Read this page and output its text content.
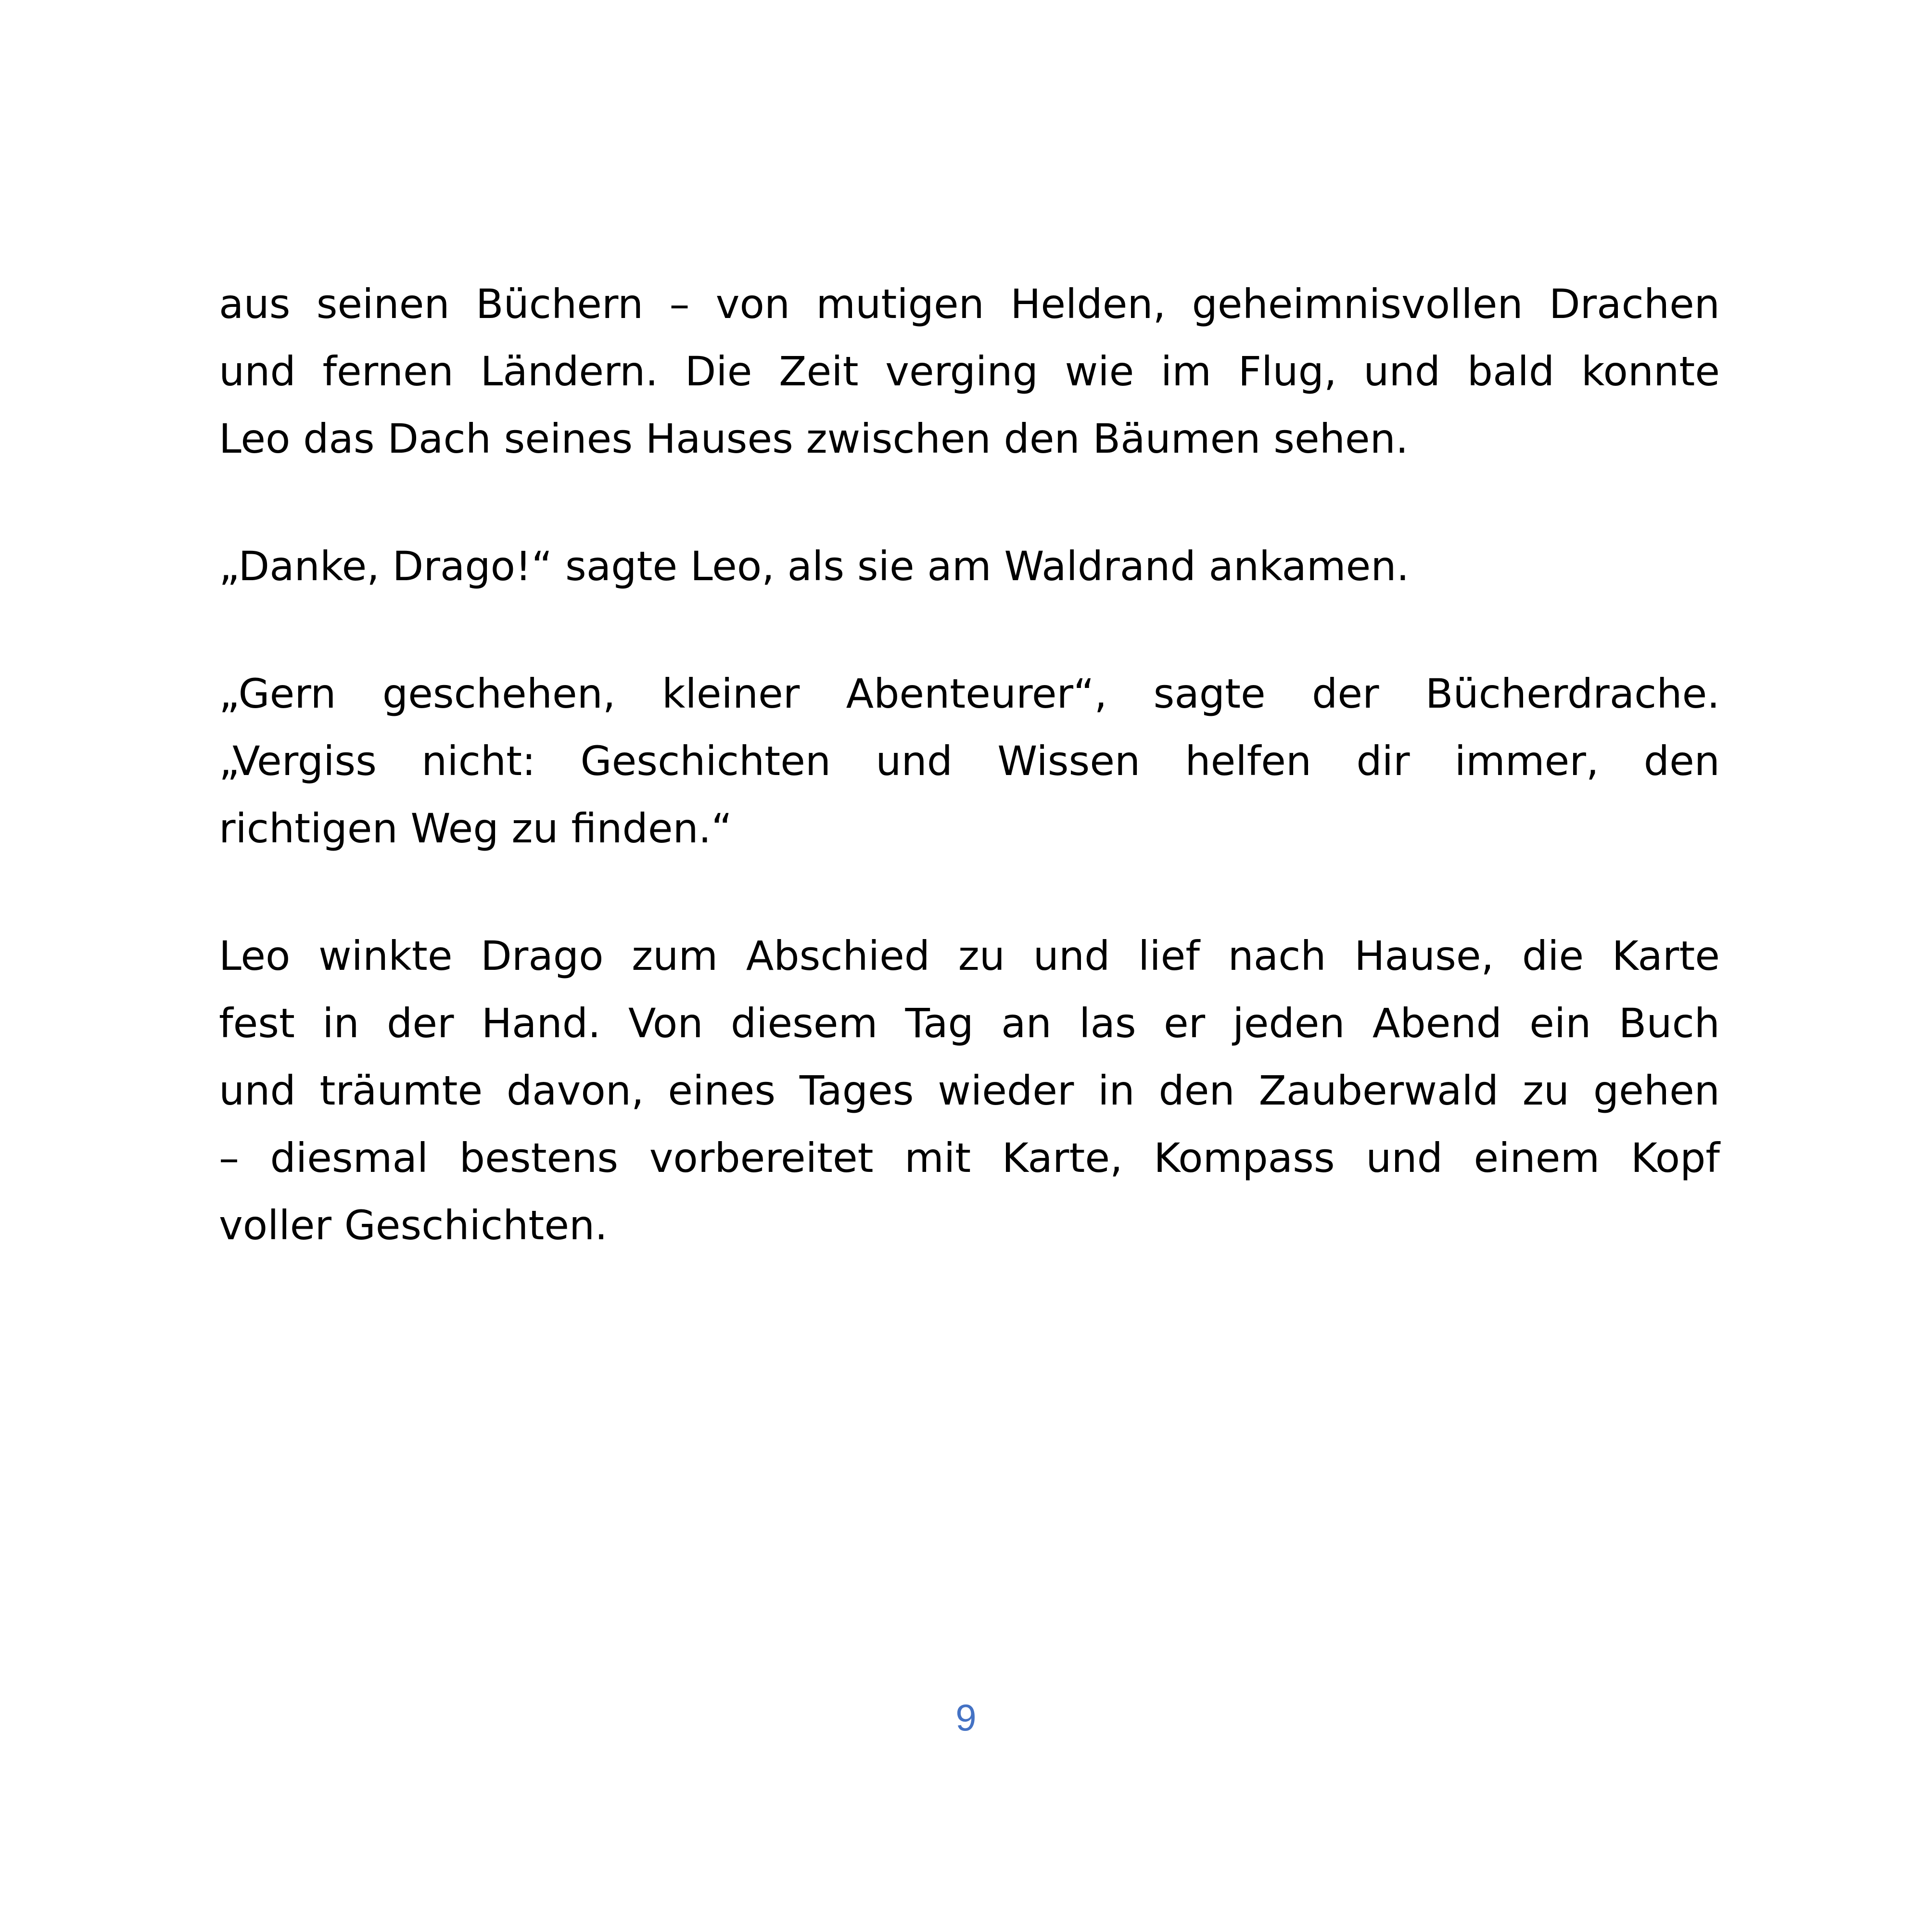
aus seinen Büchern – von mutigen Helden, geheimnisvollen Drachen
und fernen Ländern. Die Zeit verging wie im Flug, und bald konnte
Leo das Dach seines Hauses zwischen den Bäumen sehen.

„Danke, Drago!“ sagte Leo, als sie am Waldrand ankamen.

„Gern geschehen, kleiner Abenteurer“, sagte der Bücherdrache.
„Vergiss nicht: Geschichten und Wissen helfen dir immer, den
richtigen Weg zu finden.“

Leo winkte Drago zum Abschied zu und lief nach Hause, die Karte
fest in der Hand. Von diesem Tag an las er jeden Abend ein Buch
und träumte davon, eines Tages wieder in den Zauberwald zu gehen
– diesmal bestens vorbereitet mit Karte, Kompass und einem Kopf
voller Geschichten.

9
